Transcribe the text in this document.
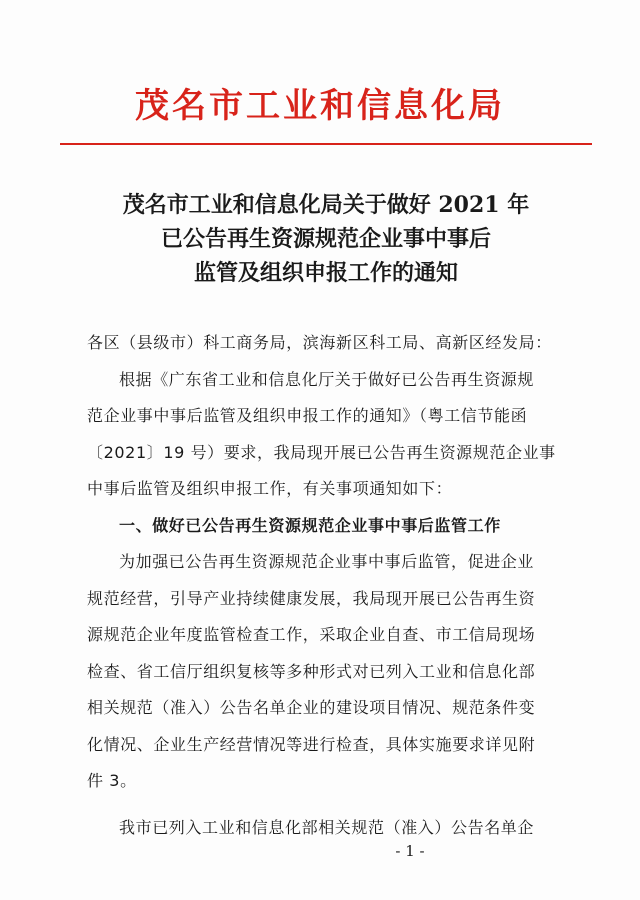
茂名市工业和信息化局
茂名市工业和信息化局关于做好 2021 年
已公告再生资源规范企业事中事后
监管及组织申报工作的通知
各区（县级市）科工商务局，滨海新区科工局、高新区经发局：
根据《广东省工业和信息化厅关于做好已公告再生资源规
范企业事中事后监管及组织申报工作的通知》（粤工信节能函
〔2021〕19 号）要求，我局现开展已公告再生资源规范企业事
中事后监管及组织申报工作，有关事项通知如下：
一、做好已公告再生资源规范企业事中事后监管工作
为加强已公告再生资源规范企业事中事后监管，促进企业
规范经营，引导产业持续健康发展，我局现开展已公告再生资
源规范企业年度监管检查工作，采取企业自查、市工信局现场
检查、省工信厅组织复核等多种形式对已列入工业和信息化部
相关规范（准入）公告名单企业的建设项目情况、规范条件变
化情况、企业生产经营情况等进行检查，具体实施要求详见附
件 3。
我市已列入工业和信息化部相关规范（准入）公告名单企
- 1 -
